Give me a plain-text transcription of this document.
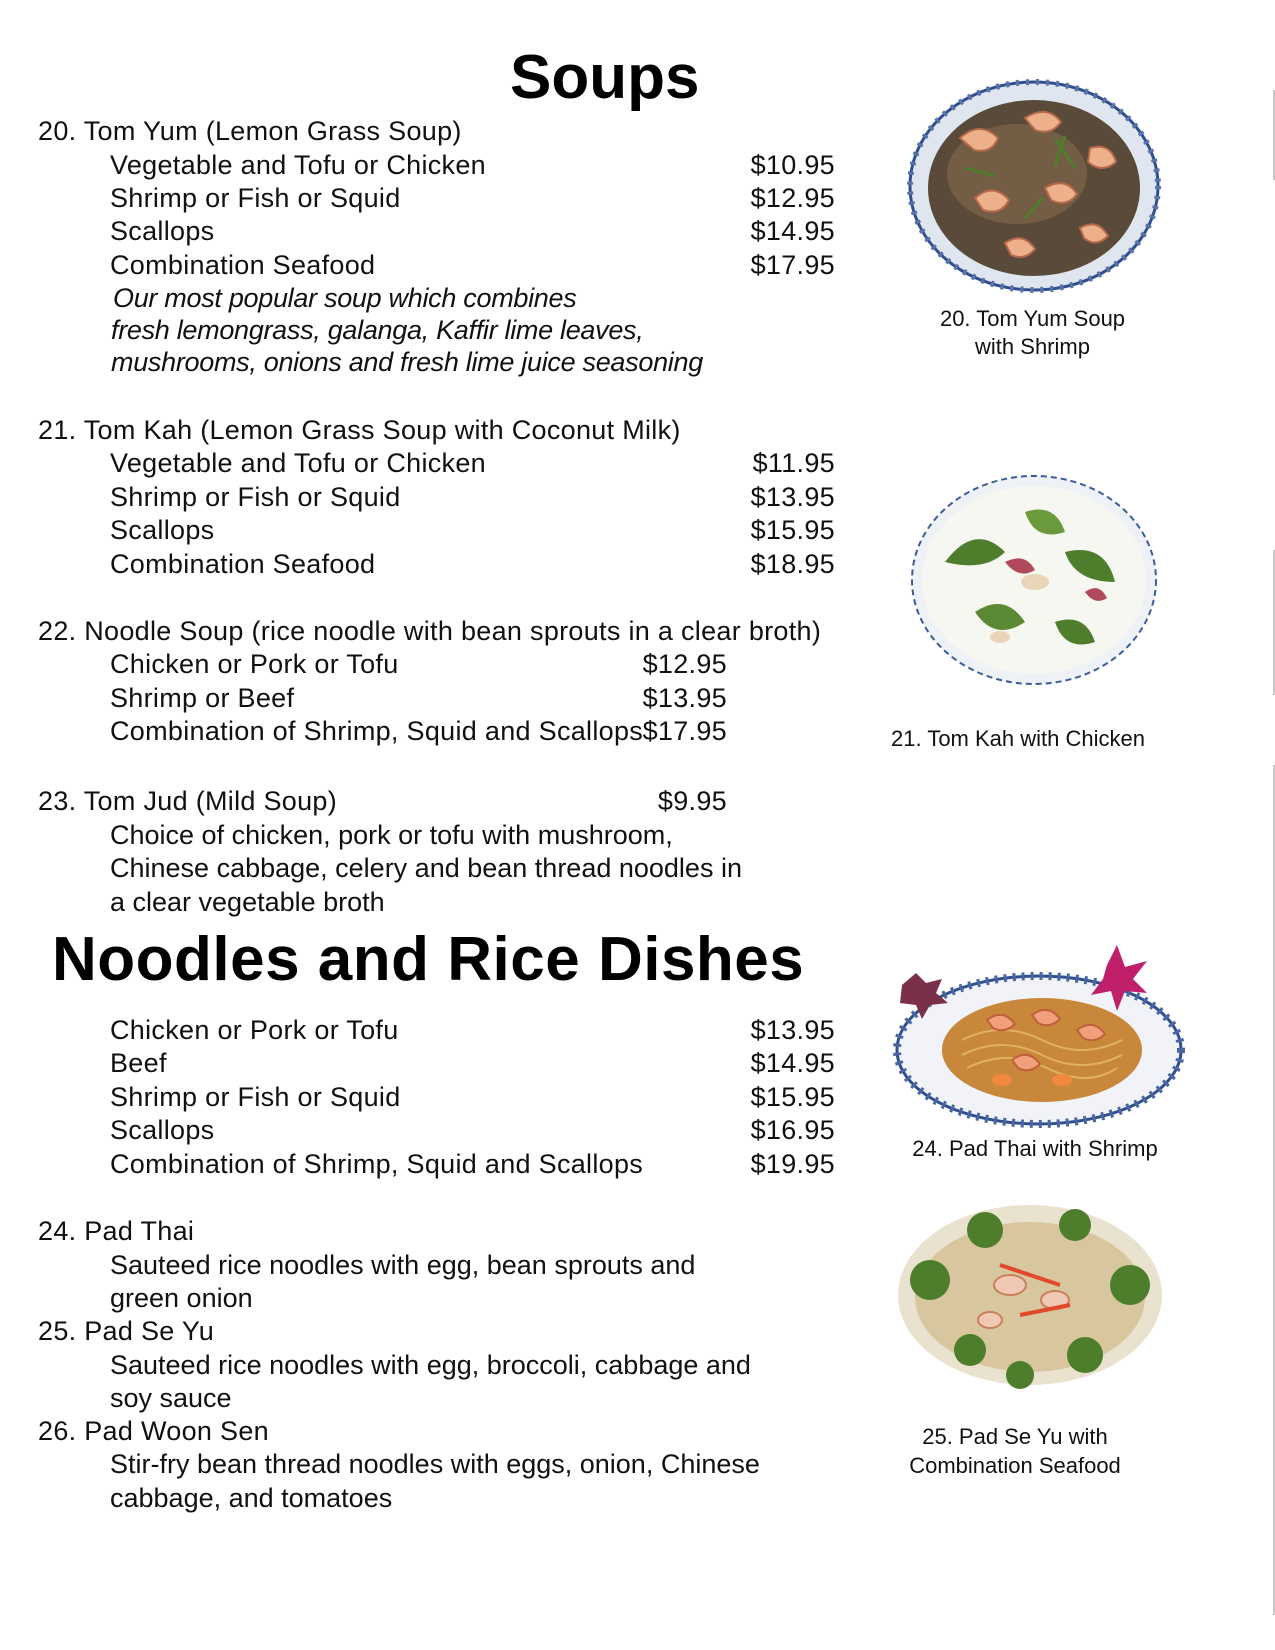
Soups
20. Tom Yum (Lemon Grass Soup)
Vegetable and Tofu or Chicken	$10.95
Shrimp or Fish or Squid	$12.95
Scallops	$14.95
Combination Seafood	$17.95
Our most popular soup which combines
fresh lemongrass, galanga, Kaffir lime leaves,
mushrooms, onions and fresh lime juice seasoning
21. Tom Kah (Lemon Grass Soup with Coconut Milk)
Vegetable and Tofu or Chicken	$11.95
Shrimp or Fish or Squid	$13.95
Scallops	$15.95
Combination Seafood	$18.95
22. Noodle Soup (rice noodle with bean sprouts in a clear broth)
Chicken or Pork or Tofu	$12.95
Shrimp or Beef	$13.95
Combination of Shrimp, Squid and Scallops $17.95
23. Tom Jud (Mild Soup)	$9.95
Choice of chicken, pork or tofu with mushroom,
Chinese cabbage, celery and bean thread noodles in
a clear vegetable broth
Noodles and Rice Dishes
Chicken or Pork or Tofu	$13.95
Beef	$14.95
Shrimp or Fish or Squid	$15.95
Scallops	$16.95
Combination of Shrimp, Squid and Scallops	$19.95
24. Pad Thai
Sauteed rice noodles with egg, bean sprouts and
green onion
25. Pad Se Yu
Sauteed rice noodles with egg, broccoli, cabbage and
soy sauce
26. Pad Woon Sen
Stir-fry bean thread noodles with eggs, onion, Chinese
cabbage, and tomatoes
20. Tom Yum Soup
with Shrimp
21. Tom Kah with Chicken
24. Pad Thai with Shrimp
25. Pad Se Yu with
Combination Seafood
